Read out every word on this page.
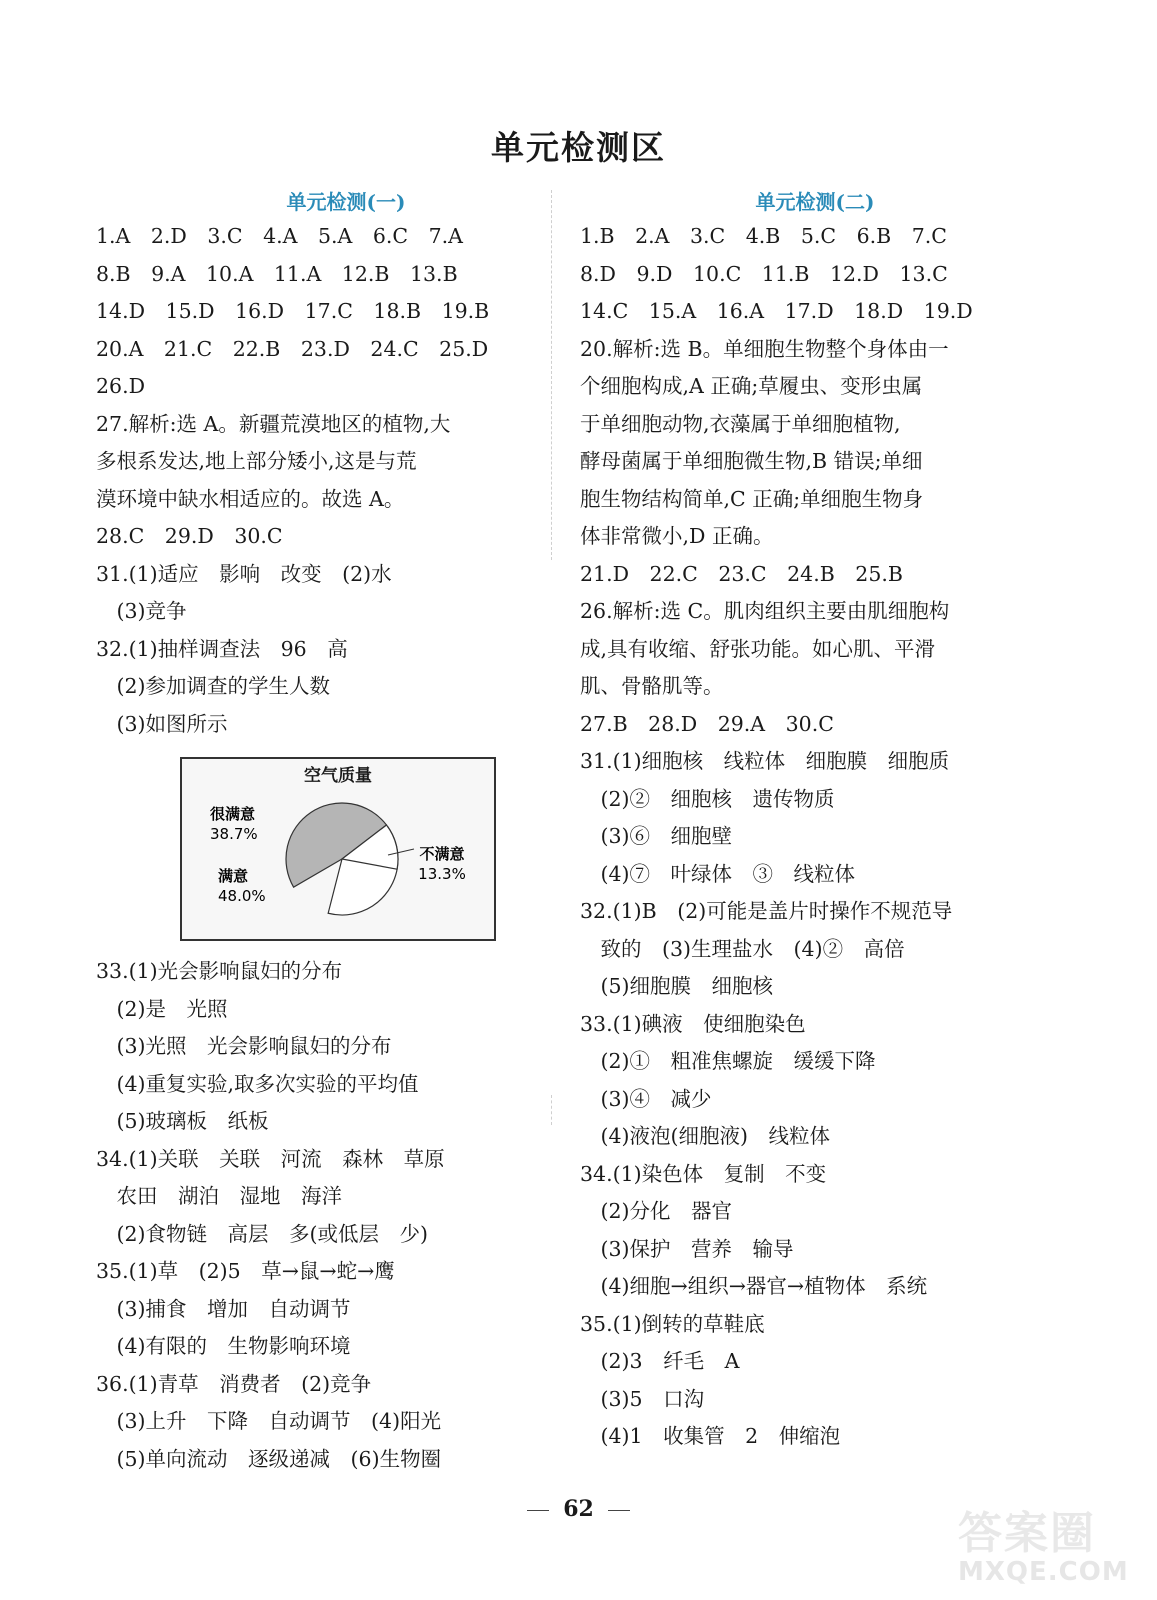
单元检测区
单元检测(一)
1.A　2.D　3.C　4.A　5.A　6.C　7.A
8.B　9.A　10.A　11.A　12.B　13.B
14.D　15.D　16.D　17.C　18.B　19.B
20.A　21.C　22.B　23.D　24.C　25.D
26.D
27.解析:选 A。新疆荒漠地区的植物,大
多根系发达,地上部分矮小,这是与荒
漠环境中缺水相适应的。故选 A。
28.C　29.D　30.C
31.(1)适应　影响　改变　(2)水
　(3)竞争
32.(1)抽样调查法　96　高
　(2)参加调查的学生人数
　(3)如图所示
空气质量
很满意
38.7%
满意
48.0%
不满意
13.3%
33.(1)光会影响鼠妇的分布
　(2)是　光照
　(3)光照　光会影响鼠妇的分布
　(4)重复实验,取多次实验的平均值
　(5)玻璃板　纸板
34.(1)关联　关联　河流　森林　草原
　农田　湖泊　湿地　海洋
　(2)食物链　高层　多(或低层　少)
35.(1)草　(2)5　草→鼠→蛇→鹰
　(3)捕食　增加　自动调节
　(4)有限的　生物影响环境
36.(1)青草　消费者　(2)竞争
　(3)上升　下降　自动调节　(4)阳光
　(5)单向流动　逐级递减　(6)生物圈
单元检测(二)
1.B　2.A　3.C　4.B　5.C　6.B　7.C
8.D　9.D　10.C　11.B　12.D　13.C
14.C　15.A　16.A　17.D　18.D　19.D
20.解析:选 B。单细胞生物整个身体由一
个细胞构成,A 正确;草履虫、变形虫属
于单细胞动物,衣藻属于单细胞植物,
酵母菌属于单细胞微生物,B 错误;单细
胞生物结构简单,C 正确;单细胞生物身
体非常微小,D 正确。
21.D　22.C　23.C　24.B　25.B
26.解析:选 C。肌肉组织主要由肌细胞构
成,具有收缩、舒张功能。如心肌、平滑
肌、骨骼肌等。
27.B　28.D　29.A　30.C
31.(1)细胞核　线粒体　细胞膜　细胞质
　(2)②　细胞核　遗传物质
　(3)⑥　细胞壁
　(4)⑦　叶绿体　③　线粒体
32.(1)B　(2)可能是盖片时操作不规范导
　致的　(3)生理盐水　(4)②　高倍
　(5)细胞膜　细胞核
33.(1)碘液　使细胞染色
　(2)①　粗准焦螺旋　缓缓下降
　(3)④　减少
　(4)液泡(细胞液)　线粒体
34.(1)染色体　复制　不变
　(2)分化　器官
　(3)保护　营养　输导
　(4)细胞→组织→器官→植物体　系统
35.(1)倒转的草鞋底
　(2)3　纤毛　A
　(3)5　口沟
　(4)1　收集管　2　伸缩泡
62	答案圈
MXQE.COM
